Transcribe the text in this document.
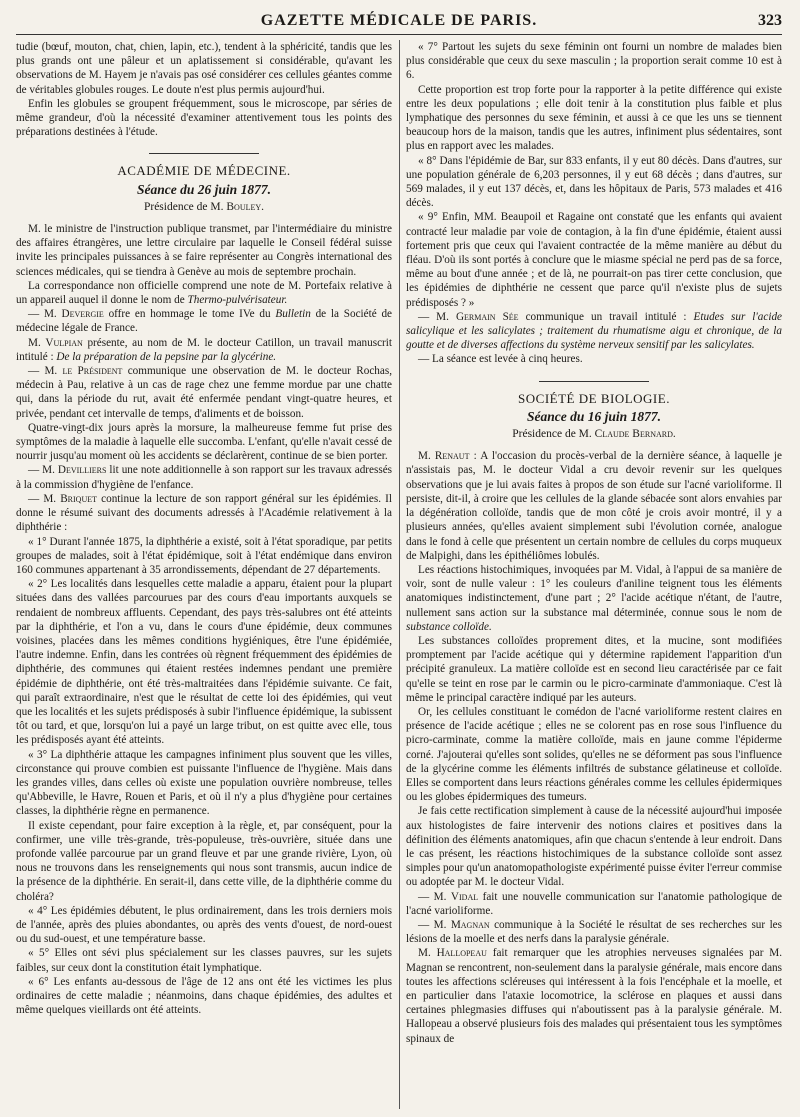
GAZETTE MÉDICALE DE PARIS.	323

tudie (bœuf, mouton, chat, chien, lapin, etc.), tendent à la sphéricité, tandis que les plus grands ont une pâleur et un aplatissement si considérable, qu'avant les observations de M. Hayem je n'avais pas osé considérer ces cellules géantes comme de véritables globules rouges. Le doute n'est plus permis aujourd'hui.

Enfin les globules se groupent fréquemment, sous le microscope, par séries de même grandeur, d'où la nécessité d'examiner attentivement tous les points des préparations destinées à l'étude.

ACADÉMIE DE MÉDECINE.
Séance du 26 juin 1877.
Présidence de M. Bouley.

M. le ministre de l'instruction publique transmet, par l'intermédiaire du ministre des affaires étrangères, une lettre circulaire par laquelle le Conseil fédéral suisse invite les principales puissances à se faire représenter au Congrès international des sciences médicales, qui se tiendra à Genève au mois de septembre prochain.

La correspondance non officielle comprend une note de M. Portefaix relative à un appareil auquel il donne le nom de Thermo-pulvérisateur.

— M. Devergie offre en hommage le tome IVe du Bulletin de la Société de médecine légale de France.

M. Vulpian présente, au nom de M. le docteur Catillon, un travail manuscrit intitulé : De la préparation de la pepsine par la glycérine.

— M. le Président communique une observation de M. le docteur Rochas, médecin à Pau, relative à un cas de rage chez une femme mordue par une chatte qui, dans la période du rut, avait été enfermée pendant vingt-quatre heures, et privée, pendant cet intervalle de temps, d'aliments et de boisson.

Quatre-vingt-dix jours après la morsure, la malheureuse femme fut prise des symptômes de la maladie à laquelle elle succomba. L'enfant, qu'elle n'avait cessé de nourrir jusqu'au moment où les accidents se déclarèrent, continue de se bien porter.

— M. Devilliers lit une note additionnelle à son rapport sur les travaux adressés à la commission d'hygiène de l'enfance.

— M. Briquet continue la lecture de son rapport général sur les épidémies. Il donne le résumé suivant des documents adressés à l'Académie relativement à la diphthérie :

« 1° Durant l'année 1875, la diphthérie a existé, soit à l'état sporadique, par petits groupes de malades, soit à l'état épidémique, soit à l'état endémique dans environ 160 communes appartenant à 35 arrondissements, dépendant de 27 départements.

« 2° Les localités dans lesquelles cette maladie a apparu, étaient pour la plupart situées dans des vallées parcourues par des cours d'eau importants auxquels se rendaient de nombreux affluents. Cependant, des pays très-salubres ont été atteints par la diphthérie, et l'on a vu, dans le cours d'une épidémie, deux communes voisines, placées dans les mêmes conditions hygiéniques, être l'une épidémiée, l'autre indemne. Enfin, dans les contrées où règnent fréquemment des épidémies de diphthérie, des communes qui étaient restées indemnes pendant une première épidémie de diphthérie, ont été très-maltraitées dans l'épidémie suivante. Ce fait, qui paraît extraordinaire, n'est que le résultat de cette loi des épidémies, qui veut que les localités et les sujets prédisposés à subir l'influence épidémique, la subissent tôt ou tard, et que, lorsqu'on lui a payé un large tribut, on est quitte avec elle, tous les prédisposés ayant été atteints.

« 3° La diphthérie attaque les campagnes infiniment plus souvent que les villes, circonstance qui prouve combien est puissante l'influence de l'hygiène. Mais dans les grandes villes, dans celles où existe une population ouvrière nombreuse, telles qu'Abbeville, le Havre, Rouen et Paris, et où il n'y a plus d'hygiène pour certaines classes, la diphthérie règne en permanence.

Il existe cependant, pour faire exception à la règle, et, par conséquent, pour la confirmer, une ville très-grande, très-populeuse, très-ouvrière, située dans une profonde vallée parcourue par un grand fleuve et par une grande rivière, Lyon, où nous ne trouvons dans les renseignements qui nous sont transmis, aucun indice de la présence de la diphthérie. En serait-il, dans cette ville, de la diphthérie comme du choléra?

« 4° Les épidémies débutent, le plus ordinairement, dans les trois derniers mois de l'année, après des pluies abondantes, ou après des vents d'ouest, de nord-ouest ou du sud-ouest, et une température basse.

« 5° Elles ont sévi plus spécialement sur les classes pauvres, sur les sujets faibles, sur ceux dont la constitution était lymphatique.

« 6° Les enfants au-dessous de l'âge de 12 ans ont été les victimes les plus ordinaires de cette maladie ; néanmoins, dans chaque épidémies, des adultes et même quelques vieillards ont été atteints.

« 7° Partout les sujets du sexe féminin ont fourni un nombre de malades bien plus considérable que ceux du sexe masculin ; la proportion serait comme 10 est à 6.

Cette proportion est trop forte pour la rapporter à la petite différence qui existe entre les deux populations ; elle doit tenir à la constitution plus faible et plus lymphatique des personnes du sexe féminin, et aussi à ce que les uns se tiennent beaucoup hors de la maison, tandis que les autres, infiniment plus sédentaires, sont plus en rapport avec les malades.

« 8° Dans l'épidémie de Bar, sur 833 enfants, il y eut 80 décès. Dans d'autres, sur une population générale de 6,203 personnes, il y eut 68 décès ; dans d'autres, sur 569 malades, il y eut 137 décès, et, dans les hôpitaux de Paris, 573 malades et 416 décès.

« 9° Enfin, MM. Beaupoil et Ragaine ont constaté que les enfants qui avaient contracté leur maladie par voie de contagion, à la fin d'une épidémie, étaient aussi fortement pris que ceux qui l'avaient contractée de la même manière au début du fléau. D'où ils sont portés à conclure que le miasme spécial ne perd pas de sa force, même au bout d'une année ; et de là, ne pourrait-on pas tirer cette conclusion, que les épidémies de diphthérie ne cessent que parce qu'il n'existe plus de sujets prédisposés ? »

— M. Germain Sée communique un travail intitulé : Etudes sur l'acide salicylique et les salicylates ; traitement du rhumatisme aigu et chronique, de la goutte et de diverses affections du système nerveux sensitif par les salicylates.

— La séance est levée à cinq heures.

SOCIÉTÉ DE BIOLOGIE.
Séance du 16 juin 1877.
Présidence de M. Claude Bernard.

M. Renaut : A l'occasion du procès-verbal de la dernière séance, à laquelle je n'assistais pas, M. le docteur Vidal a cru devoir revenir sur les quelques observations que je lui avais faites à propos de son étude sur l'acné varioliforme. Il persiste, dit-il, à croire que les cellules de la glande sébacée sont alors envahies par la dégénération colloïde, tandis que de mon côté je crois avoir montré, il y a plusieurs années, qu'elles avaient simplement subi l'évolution cornée, analogue dans le fond à celle que présentent un certain nombre de cellules du corps muqueux de Malpighi, dans les épithéliômes lobulés.

Les réactions histochimiques, invoquées par M. Vidal, à l'appui de sa manière de voir, sont de nulle valeur : 1° les couleurs d'aniline teignent tous les éléments anatomiques indistinctement, d'une part ; 2° l'acide acétique n'étant, de l'autre, nullement sans action sur la substance mal déterminée, connue sous le nom de substance colloïde.

Les substances colloïdes proprement dites, et la mucine, sont modifiées promptement par l'acide acétique qui y détermine rapidement l'apparition d'un précipité granuleux. La matière colloïde est en second lieu caractérisée par ce fait qu'elle se teint en rose par le carmin ou le picro-carminate d'ammoniaque. C'est là même le principal caractère indiqué par les auteurs.

Or, les cellules constituant le comédon de l'acné varioliforme restent claires en présence de l'acide acétique ; elles ne se colorent pas en rose sous l'influence du picro-carminate, comme la matière colloïde, mais en jaune comme l'épiderme corné. J'ajouterai qu'elles sont solides, qu'elles ne se déforment pas sous l'influence de la glycérine comme les éléments infiltrés de substance gélatineuse et colloïde. Elles se comportent dans leurs réactions générales comme les cellules épidermiques ou les globes épidermiques des tumeurs.

Je fais cette rectification simplement à cause de la nécessité aujourd'hui imposée aux histologistes de faire intervenir des notions claires et positives dans la définition des éléments anatomiques, afin que chacun s'entende à leur endroit. Dans le cas présent, les réactions histochimiques de la substance colloïde sont assez simples pour qu'un anatomopathologiste expérimenté puisse éviter l'erreur commise ou adoptée par M. le docteur Vidal.

— M. Vidal fait une nouvelle communication sur l'anatomie pathologique de l'acné varioliforme.

— M. Magnan communique à la Société le résultat de ses recherches sur les lésions de la moelle et des nerfs dans la paralysie générale.

M. Hallopeau fait remarquer que les atrophies nerveuses signalées par M. Magnan se rencontrent, non-seulement dans la paralysie générale, mais encore dans toutes les affections scléreuses qui intéressent à la fois l'encéphale et la moelle, et en particulier dans l'ataxie locomotrice, la sclérose en plaques et aussi dans certaines phlegmasies diffuses qui n'aboutissent pas à la paralysie générale. M. Hallopeau a observé plusieurs fois des malades qui présentaient tous les symptômes spinaux de
